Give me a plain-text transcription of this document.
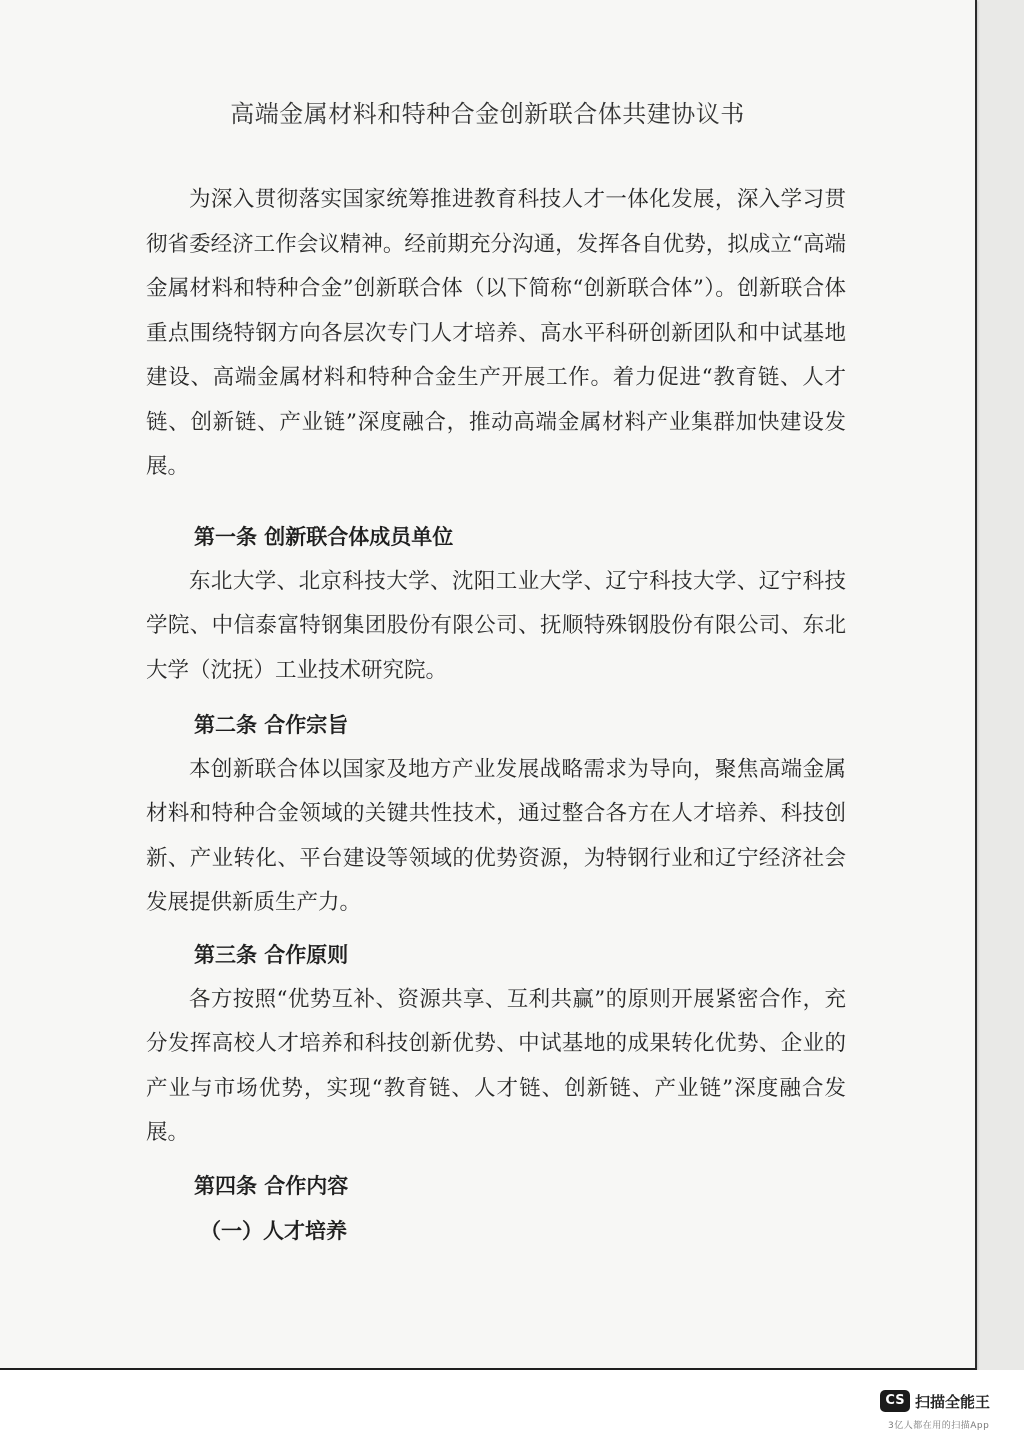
高端金属材料和特种合金创新联合体共建协议书

为深入贯彻落实国家统筹推进教育科技人才一体化发展，深入学习贯彻省委经济工作会议精神。经前期充分沟通，发挥各自优势，拟成立“高端金属材料和特种合金”创新联合体（以下简称“创新联合体”）。创新联合体重点围绕特钢方向各层次专门人才培养、高水平科研创新团队和中试基地建设、高端金属材料和特种合金生产开展工作。着力促进“教育链、人才链、创新链、产业链”深度融合，推动高端金属材料产业集群加快建设发展。

第一条 创新联合体成员单位

东北大学、北京科技大学、沈阳工业大学、辽宁科技大学、辽宁科技学院、中信泰富特钢集团股份有限公司、抚顺特殊钢股份有限公司、东北大学（沈抚）工业技术研究院。

第二条 合作宗旨

本创新联合体以国家及地方产业发展战略需求为导向，聚焦高端金属材料和特种合金领域的关键共性技术，通过整合各方在人才培养、科技创新、产业转化、平台建设等领域的优势资源，为特钢行业和辽宁经济社会发展提供新质生产力。

第三条 合作原则

各方按照“优势互补、资源共享、互利共赢”的原则开展紧密合作，充分发挥高校人才培养和科技创新优势、中试基地的成果转化优势、企业的产业与市场优势，实现“教育链、人才链、创新链、产业链”深度融合发展。

第四条 合作内容

（一）人才培养

CS 扫描全能王
3亿人都在用的扫描App
